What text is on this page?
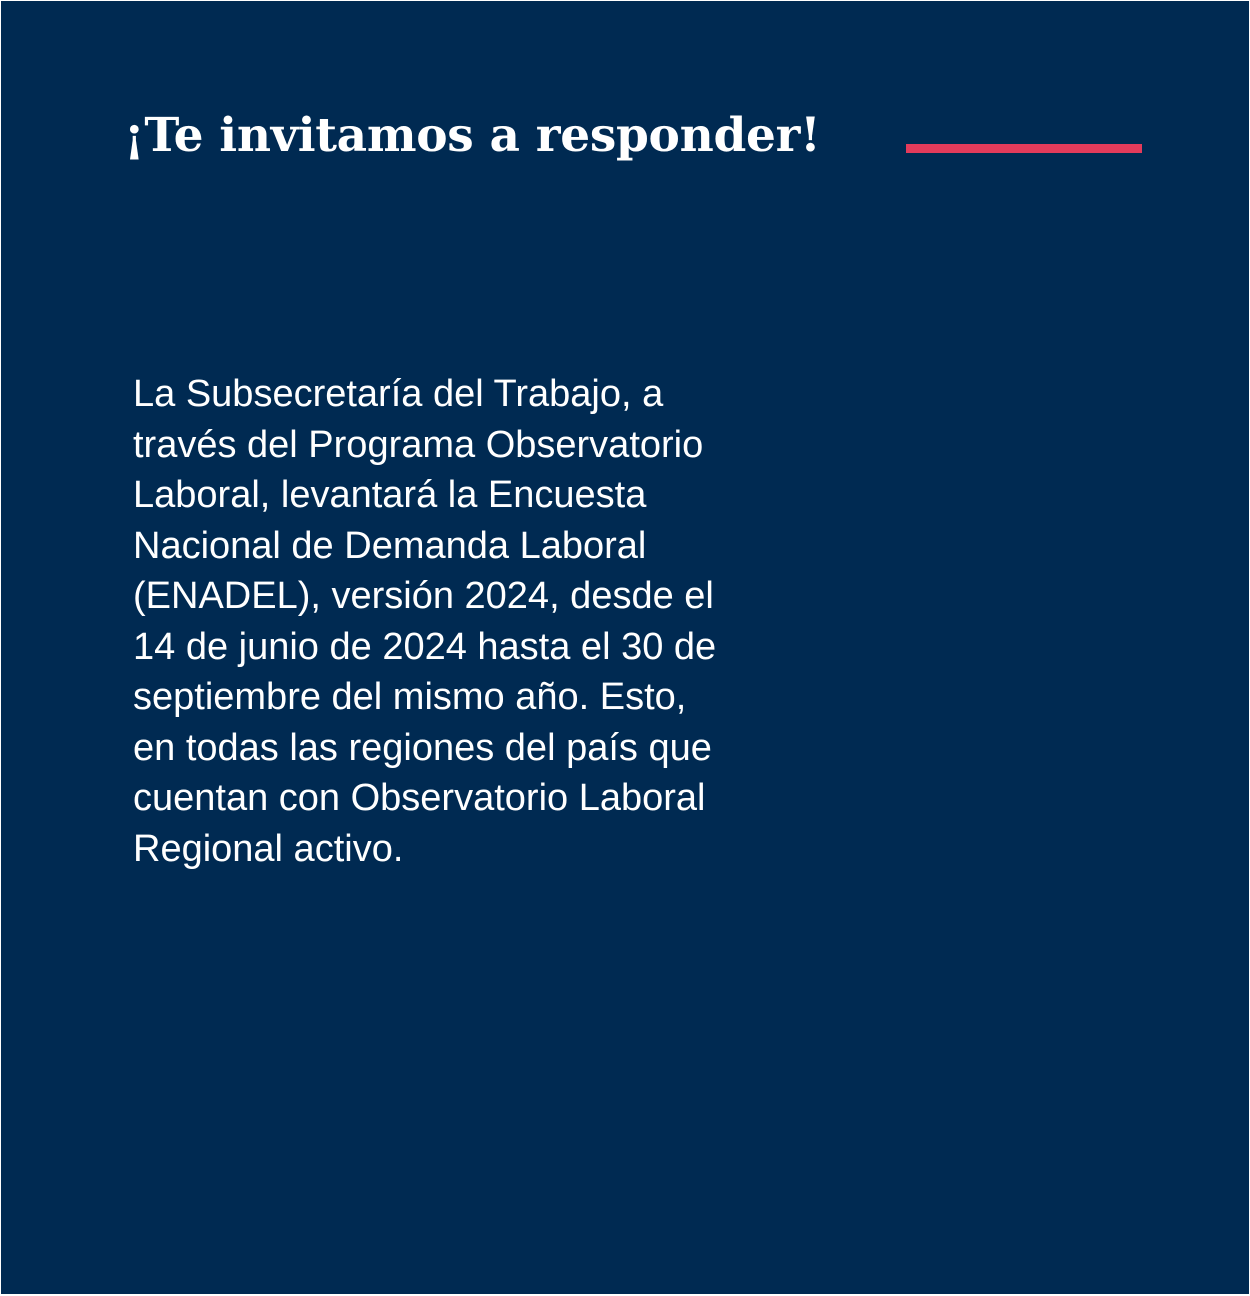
¡Te invitamos a responder!

La Subsecretaría del Trabajo, a
través del Programa Observatorio
Laboral, levantará la Encuesta
Nacional de Demanda Laboral
(ENADEL), versión 2024, desde el
14 de junio de 2024 hasta el 30 de
septiembre del mismo año. Esto,
en todas las regiones del país que
cuentan con Observatorio Laboral
Regional activo.
